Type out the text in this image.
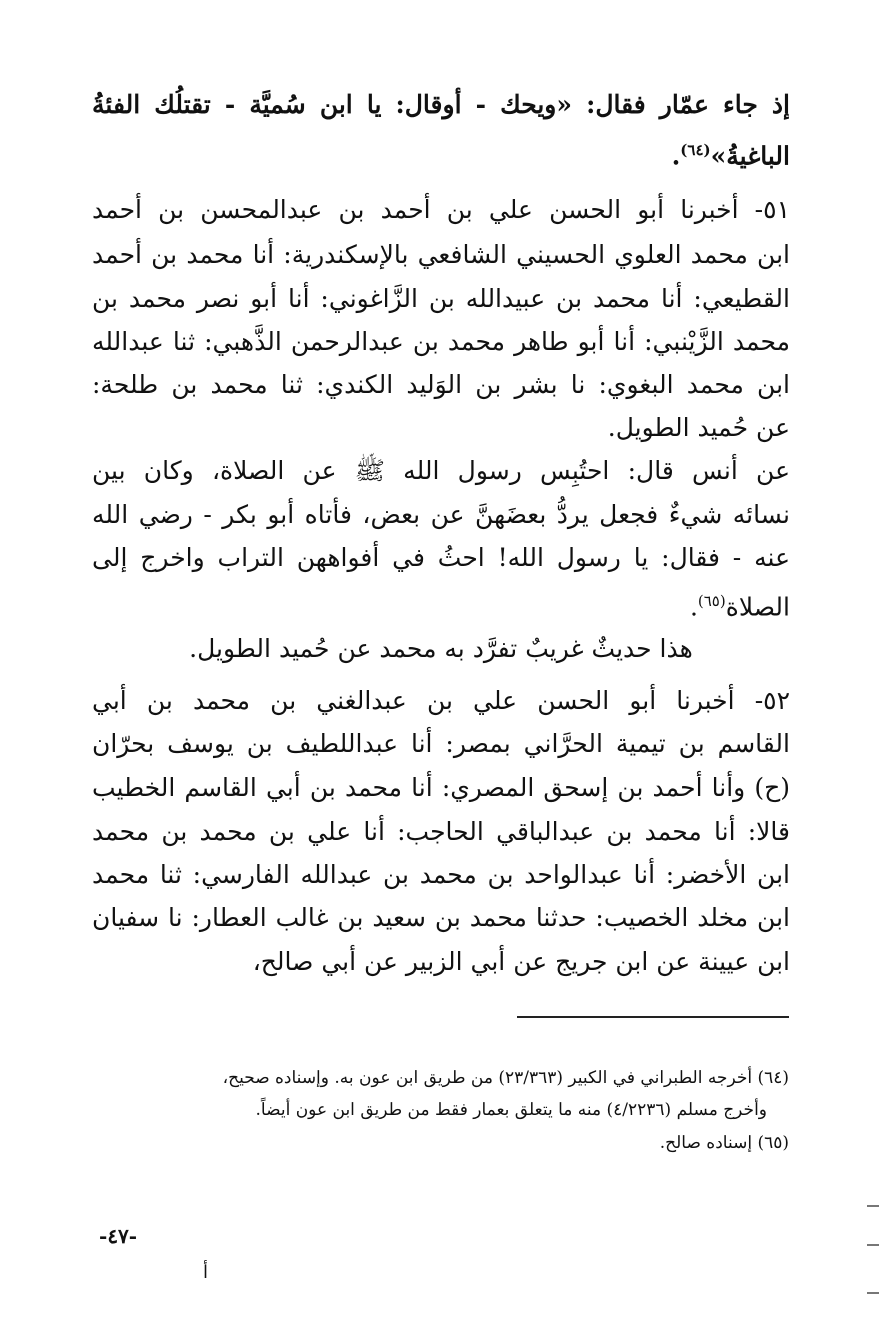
إذ جاء عمّار فقال: «ويحك - أوقال: يا ابن سُميَّة - تقتلُك الفئةُ
الباغيةُ»$^{(٦٤)}$.
٥١- أخبرنا أبو الحسن علي بن أحمد بن عبدالمحسن بن أحمد
ابن محمد العلوي الحسيني الشافعي بالإسكندرية: أنا محمد بن أحمد
القطيعي: أنا محمد بن عبيدالله بن الزَّاغوني: أنا أبو نصر محمد بن
محمد الزَّيْنبي: أنا أبو طاهر محمد بن عبدالرحمن الذَّهبي: ثنا عبدالله
ابن محمد البغوي: نا بشر بن الوَليد الكندي: ثنا محمد بن طلحة:
عن حُميد الطويل.
عن أنس قال: احتُبِس رسول الله ﷺ عن الصلاة، وكان بين
نسائه شيءٌ فجعل يردُّ بعضَهنَّ عن بعض، فأتاه أبو بكر - رضي الله
عنه - فقال: يا رسول الله! احثُ في أفواههن التراب واخرج إلى
الصلاة$^{(٦٥)}$.
هذا حديثٌ غريبٌ تفرَّد به محمد عن حُميد الطويل.
٥٢- أخبرنا أبو الحسن علي بن عبدالغني بن محمد بن أبي
القاسم بن تيمية الحرَّاني بمصر: أنا عبداللطيف بن يوسف بحرّان
(ح) وأنا أحمد بن إسحق المصري: أنا محمد بن أبي القاسم الخطيب
قالا: أنا محمد بن عبدالباقي الحاجب: أنا علي بن محمد بن محمد
ابن الأخضر: أنا عبدالواحد بن محمد بن عبدالله الفارسي: ثنا محمد
ابن مخلد الخصيب: حدثنا محمد بن سعيد بن غالب العطار: نا سفيان
ابن عيينة عن ابن جريج عن أبي الزبير عن أبي صالح،
(٦٤) أخرجه الطبراني في الكبير (٢٣/٣٦٣) من طريق ابن عون به. وإسناده صحيح،
وأخرج مسلم (٤/٢٢٣٦) منه ما يتعلق بعمار فقط من طريق ابن عون أيضاً.
(٦٥) إسناده صالح.
-٤٧-
أ
